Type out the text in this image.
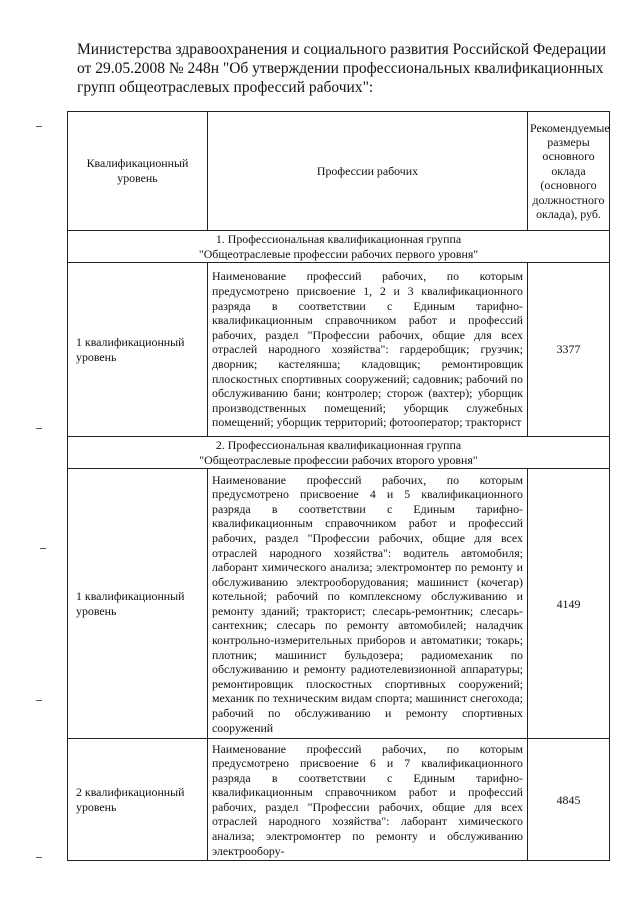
Министерства здравоохранения и социального развития Российской Федерации от 29.05.2008 № 248н "Об утверждении профессиональных квалификационных групп общеотраслевых профессий рабочих":
Квалификационный уровень	Профессии рабочих	Рекомендуемые размеры основного оклада (основного должностного оклада), руб.

1. Профессиональная квалификационная группа
"Общеотраслевые профессии рабочих первого уровня"		

1 квалификационный уровень	Наименование профессий рабочих, по которым предусмотрено присвоение 1, 2 и 3 квалификационного разряда в соответствии с Единым тарифно-квалификационным справочником работ и профессий рабочих, раздел "Профессии рабочих, общие для всех отраслей народного хозяйства": гардеробщик; грузчик; дворник; кастелянша; кладовщик; ремонтировщик плоскостных спортивных сооружений; садовник; рабочий по обслуживанию бани; контролер; сторож (вахтер); уборщик производственных помещений; уборщик служебных помещений; уборщик территорий; фотооператор; тракторист	3377

2. Профессиональная квалификационная группа
"Общеотраслевые профессии рабочих второго уровня"		

1 квалификационный уровень	Наименование профессий рабочих, по которым предусмотрено присвоение 4 и 5 квалификационного разряда в соответствии с Единым тарифно-квалификационным справочником работ и профессий рабочих, раздел "Профессии рабочих, общие для всех отраслей народного хозяйства": водитель автомобиля; лаборант химического анализа; электромонтер по ремонту и обслуживанию электрооборудования; машинист (кочегар) котельной; рабочий по комплексному обслуживанию и ремонту зданий; тракторист; слесарь-ремонтник; слесарь-сантехник; слесарь по ремонту автомобилей; наладчик контрольно-измерительных приборов и автоматики; токарь; плотник; машинист бульдозера; радиомеханик по обслуживанию и ремонту радиотелевизионной аппаратуры; ремонтировщик плоскостных спортивных сооружений; механик по техническим видам спорта; машинист снегохода; рабочий по обслуживанию и ремонту спортивных сооружений	4149
2 квалификационный уровень	Наименование профессий рабочих, по которым предусмотрено присвоение 6 и 7 квалификационного разряда в соответствии с Единым тарифно-квалификационным справочником работ и профессий рабочих, раздел "Профессии рабочих, общие для всех отраслей народного хозяйства": лаборант химического анализа; электромонтер по ремонту и обслуживанию электрообору-	4845
